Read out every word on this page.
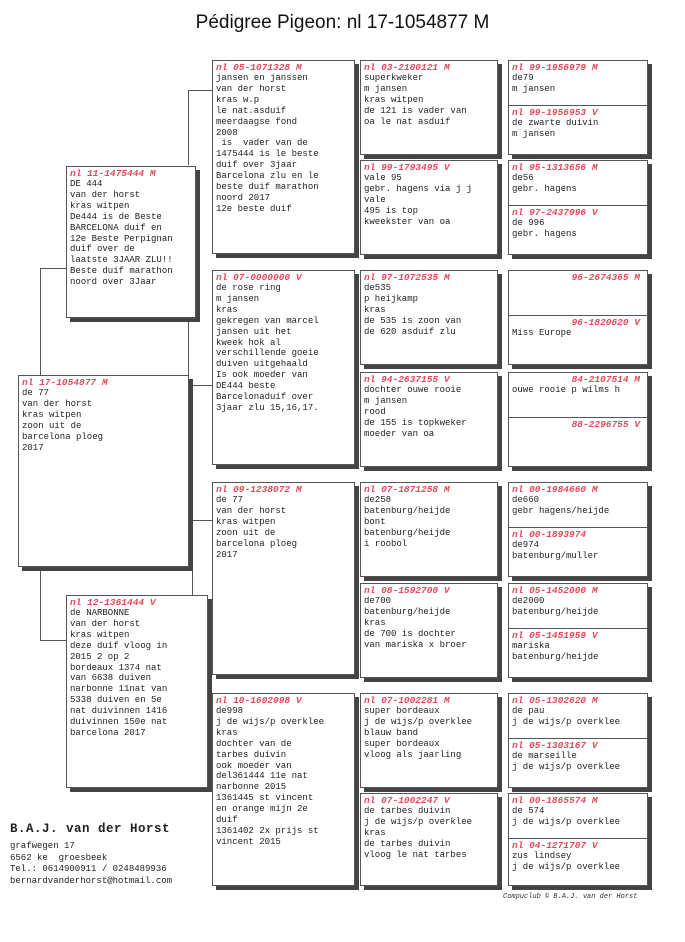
Pédigree Pigeon: nl 17-1054877 M
nl 17-1054877 M
de 77
van der horst
kras witpen
zoon uit de
barcelona ploeg
2017
nl 11-1475444 M
DE 444
van der horst
kras witpen
De444 is de Beste
BARCELONA duif en
12e Beste Perpignan
duif over de
laatste 3JAAR ZLU!!
Beste duif marathon
noord over 3Jaar
nl 12-1361444 V
de NARBONNE
van der horst
kras witpen
deze duif vloog in
2015 2 op 2
bordeaux 1374 nat
van 6638 duiven
narbonne 11nat van
5338 duiven en 5e
nat duivinnen 1416
duivinnen 150e nat
barcelona 2017
nl 05-1071328 M
jansen en janssen
van der horst
kras w.p
le nat.asduif
meerdaagse fond
2008
is  vader van de
1475444 is le beste
duif over 3jaar
Barcelona zlu en le
beste duif marathon
noord 2017
12e beste duif
nl 07-0000000 V
de rose ring
m jansen
kras
gekregen van marcel
jansen uit het
kweek hok al
verschillende goeie
duiven uitgehaald
Is ook moeder van
DE444 beste
Barcelonaduif over
3jaar zlu 15,16,17.
nl 09-1238072 M
de 77
van der horst
kras witpen
zoon uit de
barcelona ploeg
2017
nl 10-1602998 V
de998
j de wijs/p overklee
kras
dochter van de
tarbes duivin
ook moeder van
del361444 11e nat
narbonne 2015
1361445 st vincent
en orange mijn 2e
duif
1361402 2x prijs st
vincent 2015
nl 03-2100121 M
superkweker
m jansen
kras witpen
de 121 is vader van
oa le nat asduif
nl 99-1793495 V
vale 95
gebr. hagens via j j
vale
495 is top
kweekster van oa
nl 97-1072535 M
de535
p heijkamp
kras
de 535 is zoon van
de 620 asduif zlu
nl 94-2637155 V
dochter ouwe rooie
m jansen
rood
de 155 is topkweker
moeder van oa
nl 07-1871258 M
de258
batenburg/heijde
bont
batenburg/heijde
i roobol
nl 08-1592700 V
de700
batenburg/heijde
kras
de 700 is dochter
van mariska x broer
nl 07-1002281 M
super bordeaux
j de wijs/p overklee
blauw band
super bordeaux
vloog als jaarling
nl 07-1002247 V
de tarbes duivin
j de wijs/p overklee
kras
de tarbes duivin
vloog le nat tarbes
nl 99-1956979 M
de79
m jansen
nl 99-1956953 V
de zwarte duivin
m jansen
nl 95-1313656 M
de56
gebr. hagens
nl 97-2437996 V
de 996
gebr. hagens
96-2674365 M
96-1820620 V
Miss Europe
84-2107514 M
ouwe rooie p wilms h
88-2296755 V
nl 00-1984660 M
de660
gebr hagens/heijde
nl 00-1893974
de974
batenburg/muller
nl 05-1452000 M
de2000
batenburg/heijde
nl 05-1451959 V
mariska
batenburg/heijde
nl 05-1302620 M
de pau
j de wijs/p overklee
nl 05-1303167 V
de marseille
j de wijs/p overklee
nl 00-1865574 M
de 574
j de wijs/p overklee
nl 04-1271707 V
zus lindsey
j de wijs/p overklee
B.A.J. van der Horst
grafwegen 17
6562 ke  groesbeek
Tel.: 0614900911 / 0248489936
bernardvanderhorst@hotmail.com
Compuclub © B.A.J. van der Horst
